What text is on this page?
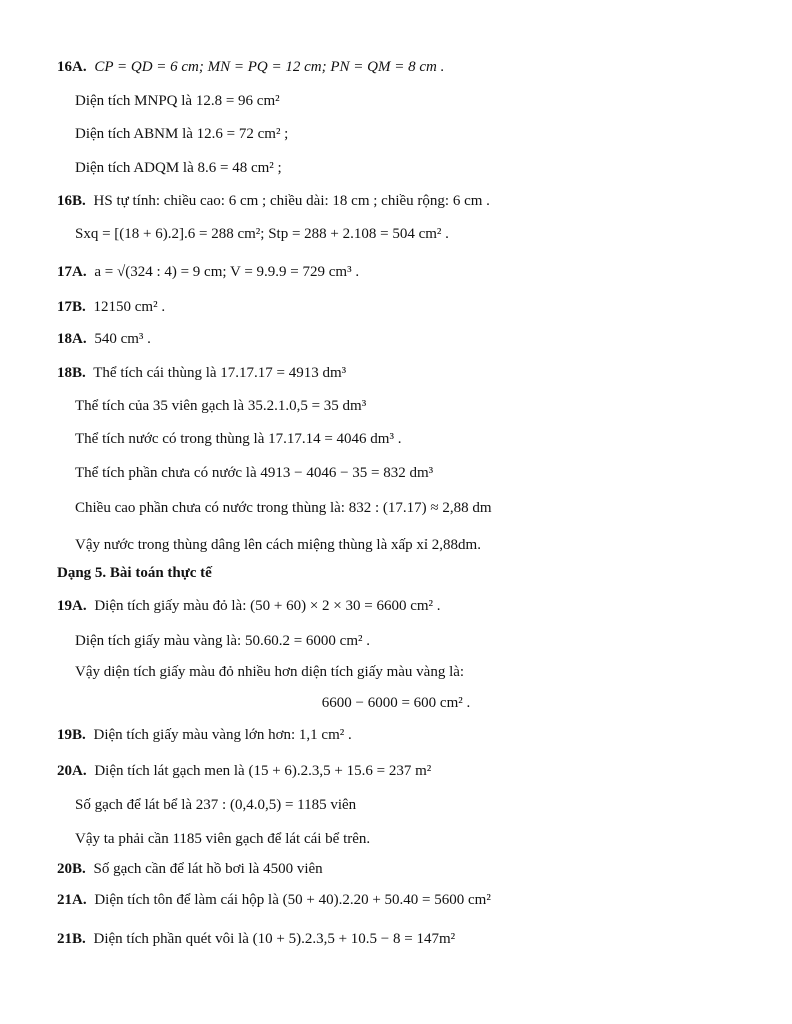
16A. CP = QD = 6 cm; MN = PQ = 12 cm; PN = QM = 8 cm .
Diện tích MNPQ là 12.8 = 96 cm²
Diện tích ABNM là 12.6 = 72 cm² ;
Diện tích ADQM là 8.6 = 48 cm² ;
16B. HS tự tính: chiều cao: 6 cm ; chiều dài: 18 cm ; chiều rộng: 6 cm .
Sxq = [(18 + 6).2].6 = 288 cm²; Stp = 288 + 2.108 = 504 cm² .
17A. a = √(324 : 4) = 9 cm; V = 9.9.9 = 729 cm³ .
17B. 12150 cm² .
18A. 540 cm³ .
18B. Thể tích cái thùng là 17.17.17 = 4913 dm³
Thể tích của 35 viên gạch là 35.2.1.0,5 = 35 dm³
Thể tích nước có trong thùng là 17.17.14 = 4046 dm³ .
Thể tích phần chưa có nước là 4913 − 4046 − 35 = 832 dm³
Chiều cao phần chưa có nước trong thùng là: 832 : (17.17) ≈ 2,88 dm
Vậy nước trong thùng dâng lên cách miệng thùng là xấp xỉ 2,88dm.
Dạng 5. Bài toán thực tế
19A. Diện tích giấy màu đỏ là: (50 + 60) × 2 × 30 = 6600 cm² .
Diện tích giấy màu vàng là: 50.60.2 = 6000 cm² .
Vậy diện tích giấy màu đỏ nhiều hơn diện tích giấy màu vàng là:
6600 − 6000 = 600 cm² .
19B. Diện tích giấy màu vàng lớn hơn: 1,1 cm² .
20A. Diện tích lát gạch men là (15 + 6).2.3,5 + 15.6 = 237 m²
Số gạch để lát bể là 237 : (0,4.0,5) = 1185 viên
Vậy ta phải cần 1185 viên gạch để lát cái bể trên.
20B. Số gạch cần để lát hồ bơi là 4500 viên
21A. Diện tích tôn để làm cái hộp là (50 + 40).2.20 + 50.40 = 5600 cm²
21B. Diện tích phần quét vôi là (10 + 5).2.3,5 + 10.5 − 8 = 147m²
